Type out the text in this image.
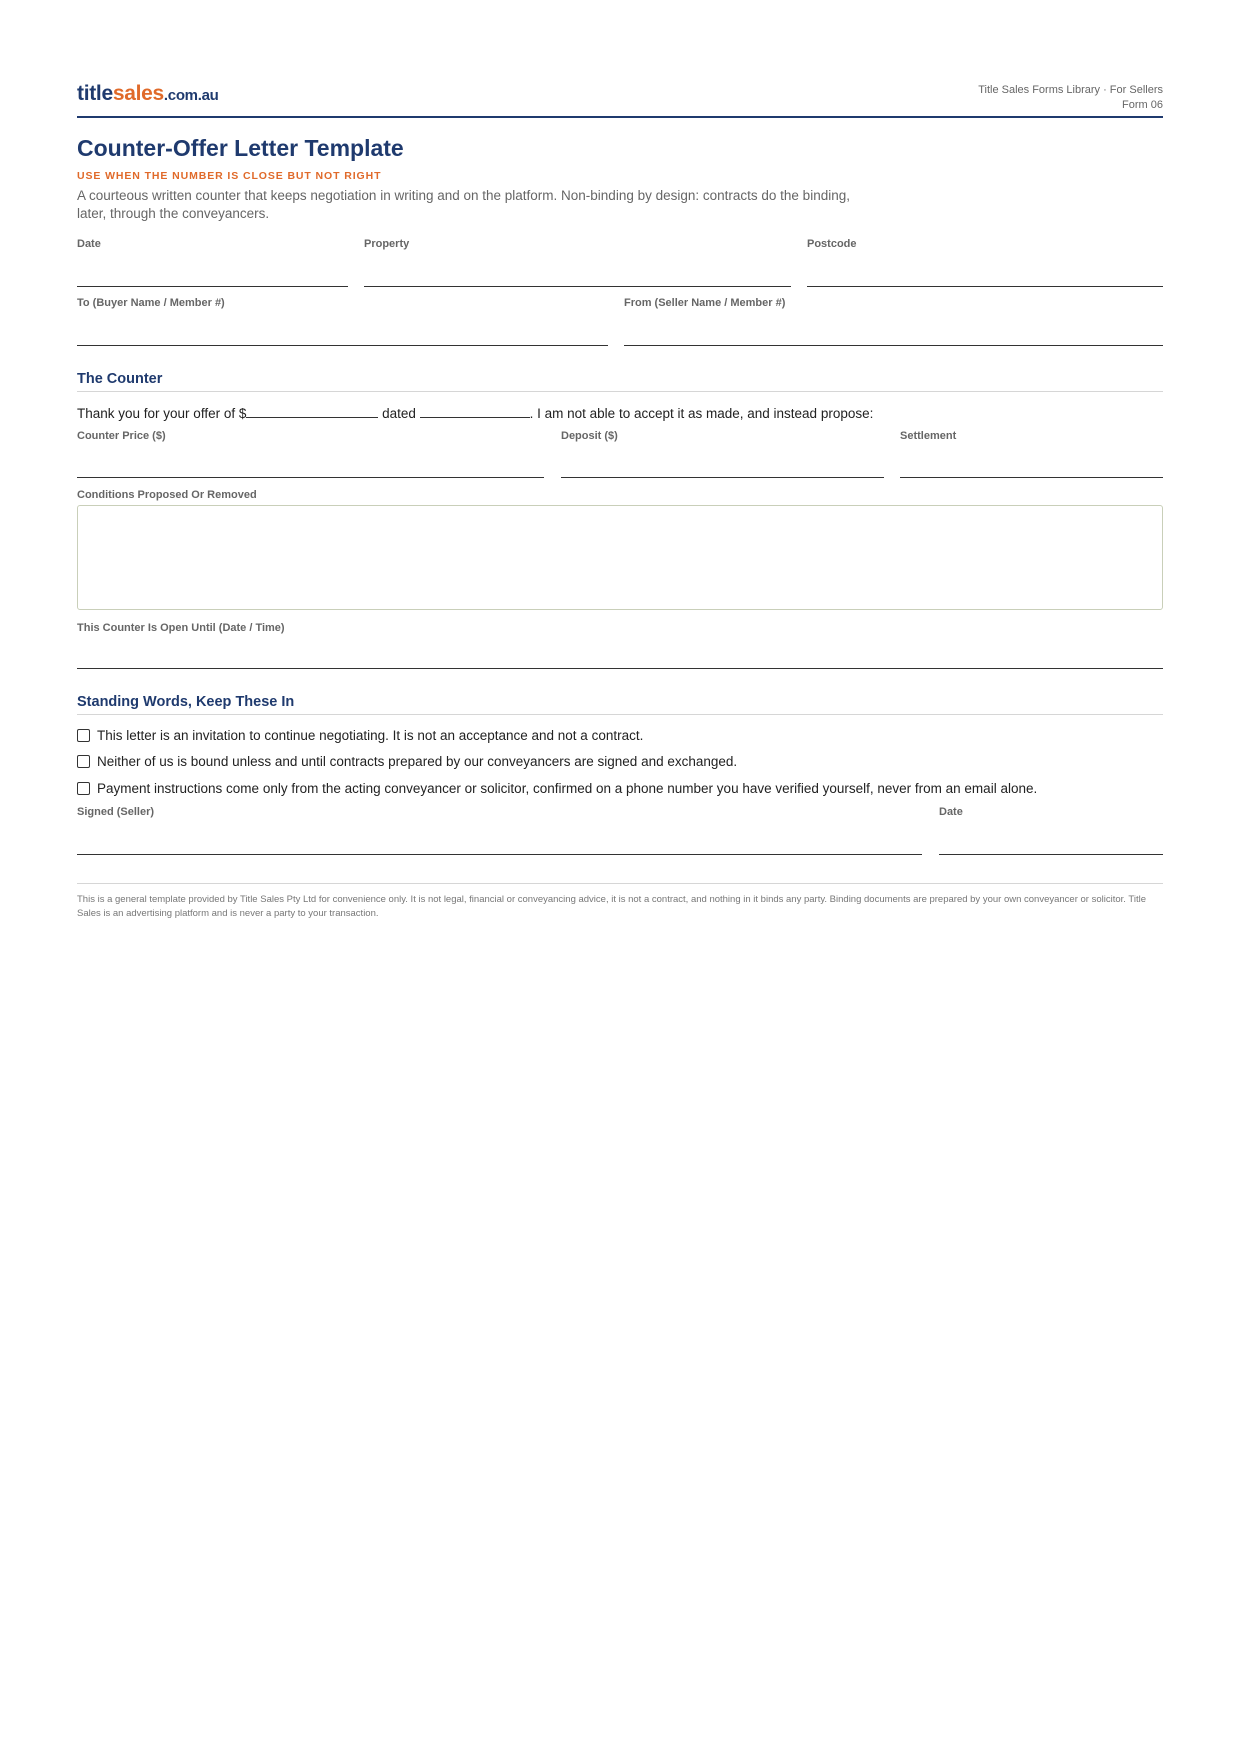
titlesales.com.au	Title Sales Forms Library · For Sellers
Form 06
Counter-Offer Letter Template
USE WHEN THE NUMBER IS CLOSE BUT NOT RIGHT
A courteous written counter that keeps negotiation in writing and on the platform. Non-binding by design: contracts do the binding, later, through the conveyancers.
Date	Property	Postcode
To (Buyer Name / Member #)	From (Seller Name / Member #)
The Counter
Thank you for your offer of $	dated	. I am not able to accept it as made, and instead propose:
Counter Price ($)	Deposit ($)	Settlement
Conditions Proposed Or Removed
This Counter Is Open Until (Date / Time)
Standing Words, Keep These In
This letter is an invitation to continue negotiating. It is not an acceptance and not a contract.
Neither of us is bound unless and until contracts prepared by our conveyancers are signed and exchanged.
Payment instructions come only from the acting conveyancer or solicitor, confirmed on a phone number you have verified yourself, never from an email alone.
Signed (Seller)	Date
This is a general template provided by Title Sales Pty Ltd for convenience only. It is not legal, financial or conveyancing advice, it is not a contract, and nothing in it binds any party. Binding documents are prepared by your own conveyancer or solicitor. Title Sales is an advertising platform and is never a party to your transaction.
